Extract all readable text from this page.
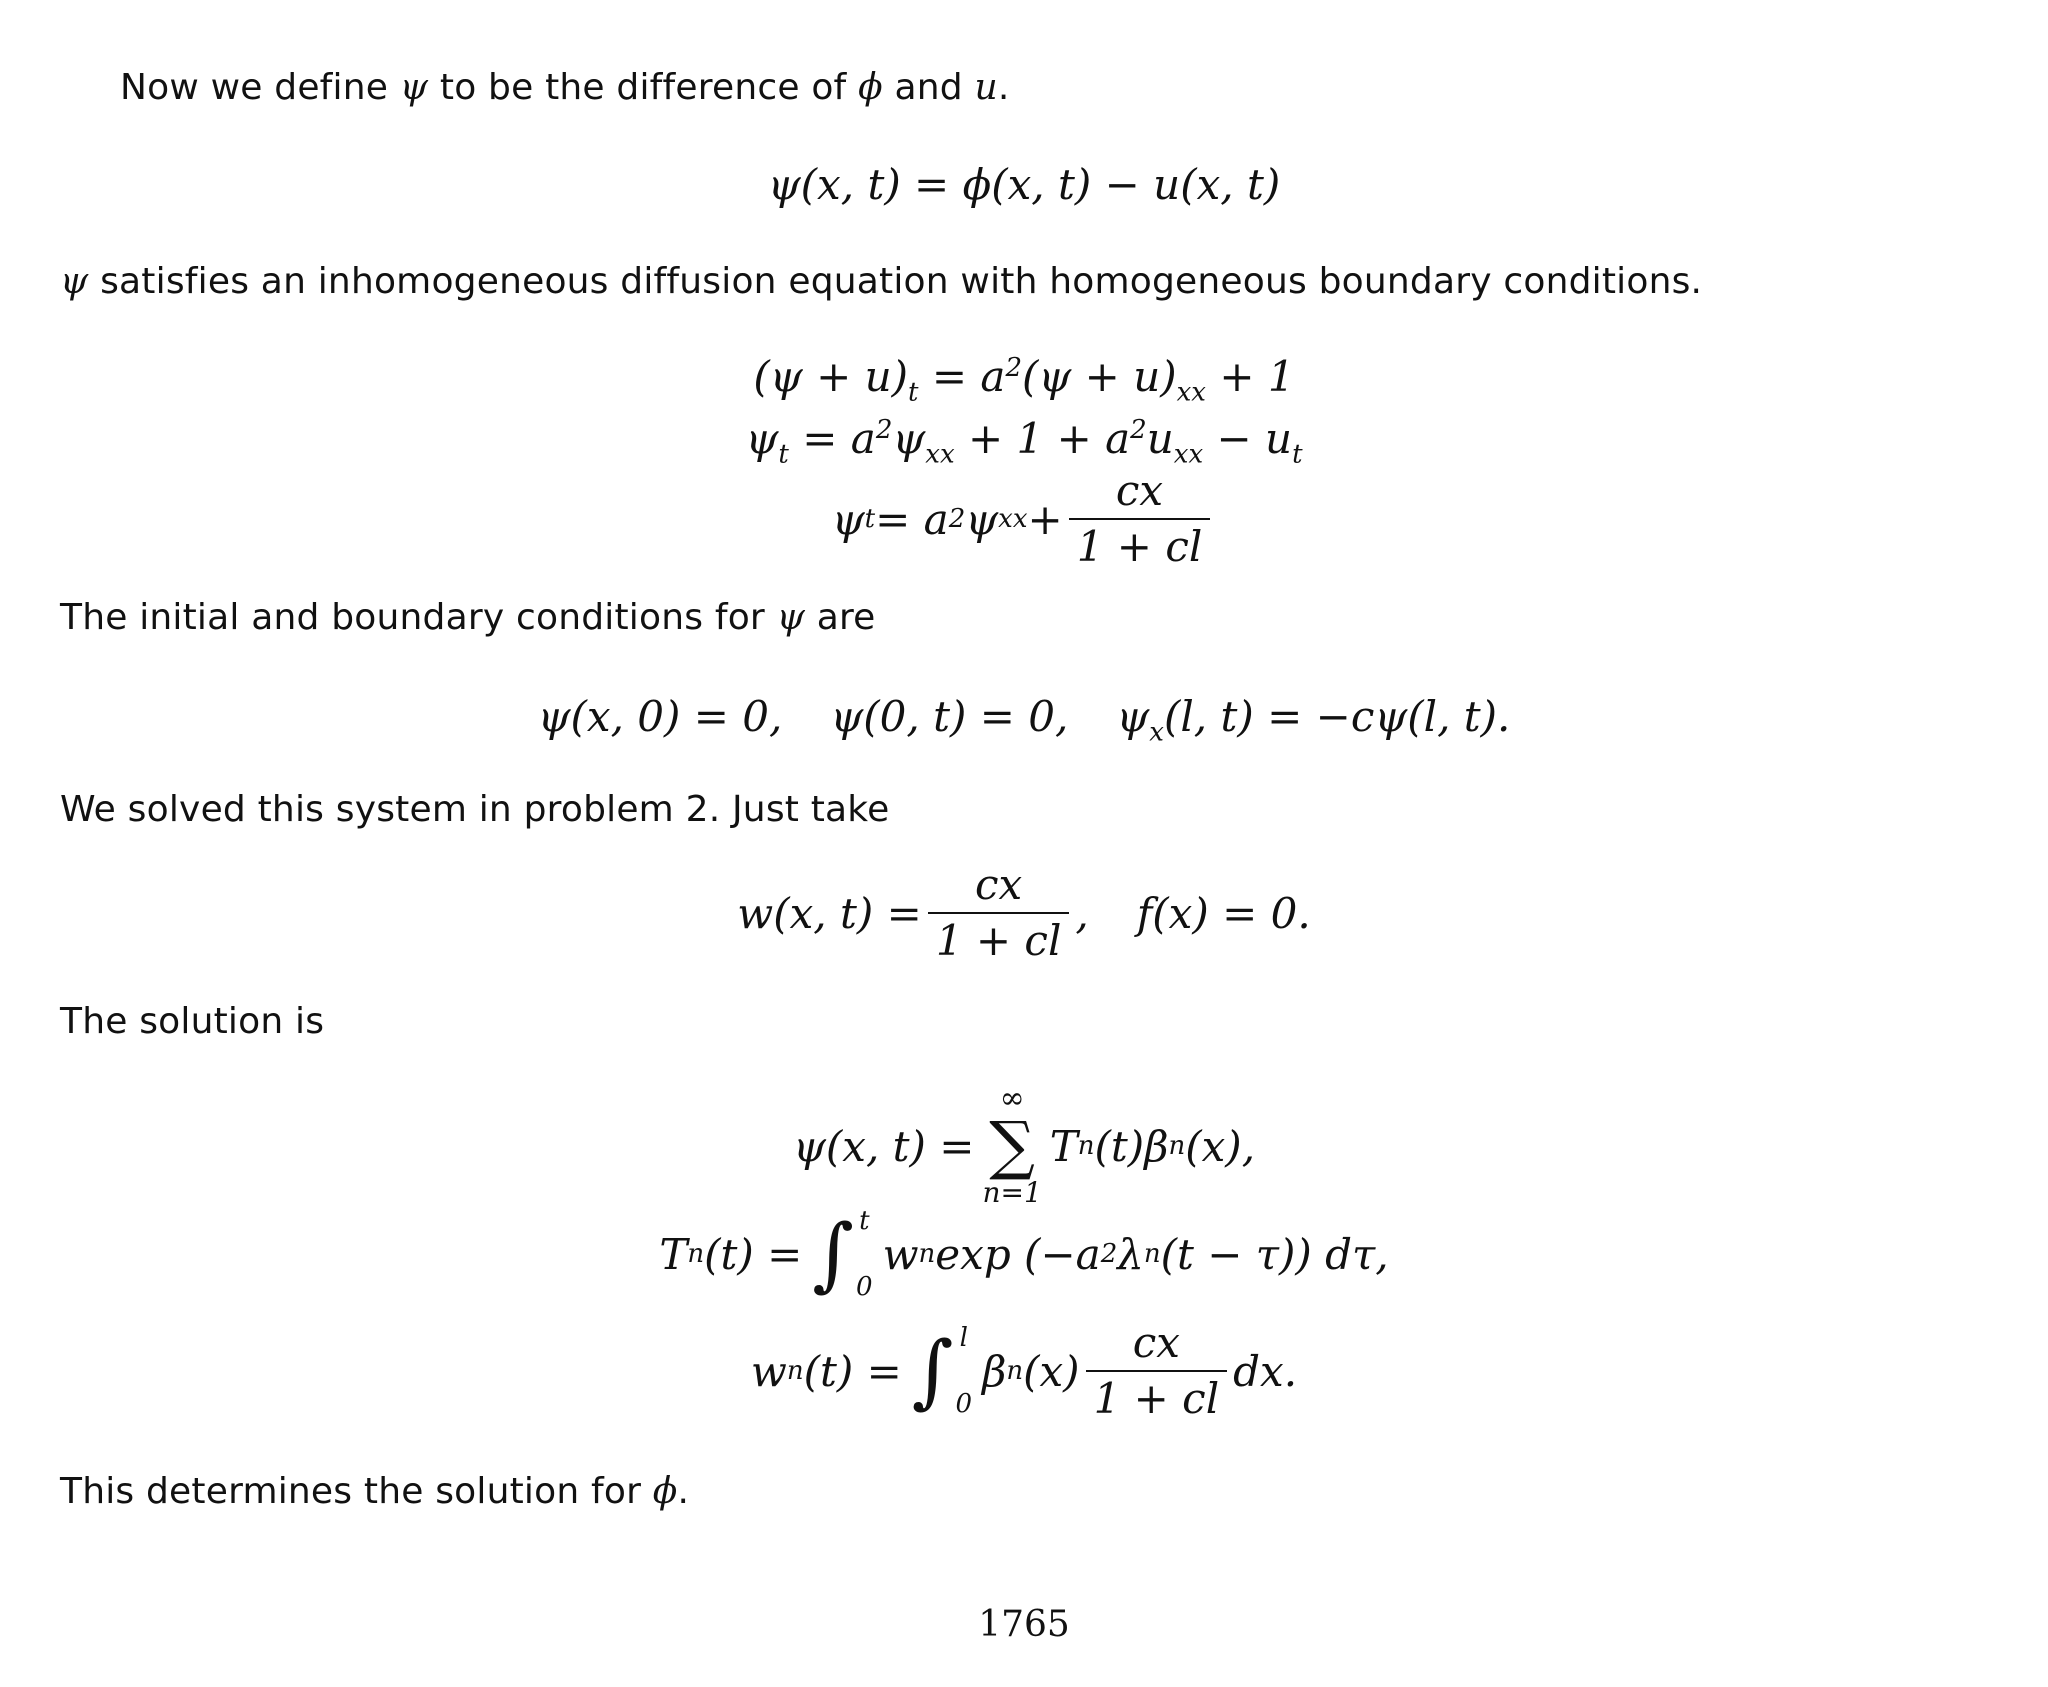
Now we define ψ to be the difference of ϕ and u.
ψ(x, t) = ϕ(x, t) − u(x, t)
ψ satisfies an inhomogeneous diffusion equation with homogeneous boundary conditions.
$(\psi + u)_t = a^2(\psi + u)_{xx} + 1$
$\psi_t = a^2\psi_{xx} + 1 + a^2u_{xx} - u_t$
ψ t = a 2 ψ xx + $\frac{cx}{1 + cl}$
The initial and boundary conditions for ψ are
ψ(x, 0) = 0, ψ(0, t) = 0, $\psi_x(l$, t) = −cψ(l, t).
We solved this system in problem 2. Just take
w(x, $t) = \frac{cx}{1 + cl}$ , f(x) = 0.
The solution is
ψ(x, t) =
∞
∑
n=1
T n (t)β n (x),
T n (t) = ∫ t
0
w n exp (−a 2 λ n (t − τ)) dτ,
w n (t) = ∫ l
0
β n $(x) \frac{cx}{1 + cl}$ dx.
This determines the solution for ϕ.
1765
